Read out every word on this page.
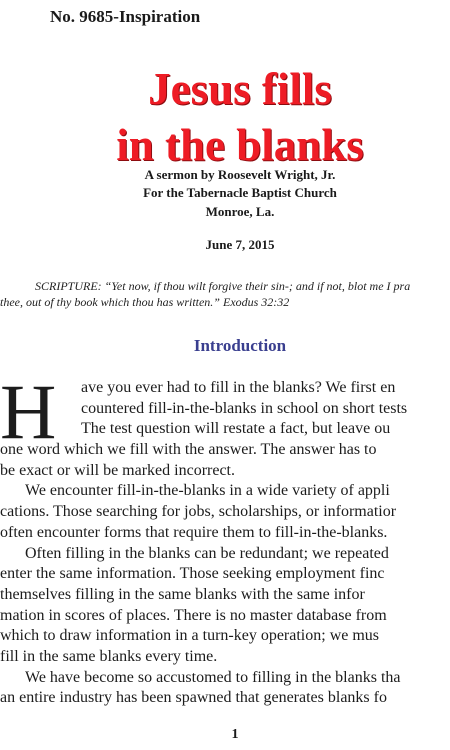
No. 9685-Inspiration
Jesus fills
in the blanks
A sermon by Roosevelt Wright, Jr.
For the Tabernacle Baptist Church
Monroe, La.
June 7, 2015
SCRIPTURE: “Yet now, if thou wilt forgive their sin-; and if not, blot me I pra
thee, out of thy book which thou has written.” Exodus 32:32
Introduction
H	ave you ever had to fill in the blanks? We first en
countered fill-in-the-blanks in school on short tests
The test question will restate a fact, but leave ou
one word which we fill with the answer. The answer has to
be exact or will be marked incorrect.
We encounter fill-in-the-blanks in a wide variety of appli
cations. Those searching for jobs, scholarships, or informatior
often encounter forms that require them to fill-in-the-blanks.
Often filling in the blanks can be redundant; we repeated
enter the same information. Those seeking employment finc
themselves filling in the same blanks with the same infor
mation in scores of places. There is no master database from
which to draw information in a turn-key operation; we mus
fill in the same blanks every time.
We have become so accustomed to filling in the blanks tha
an entire industry has been spawned that generates blanks fo
1
